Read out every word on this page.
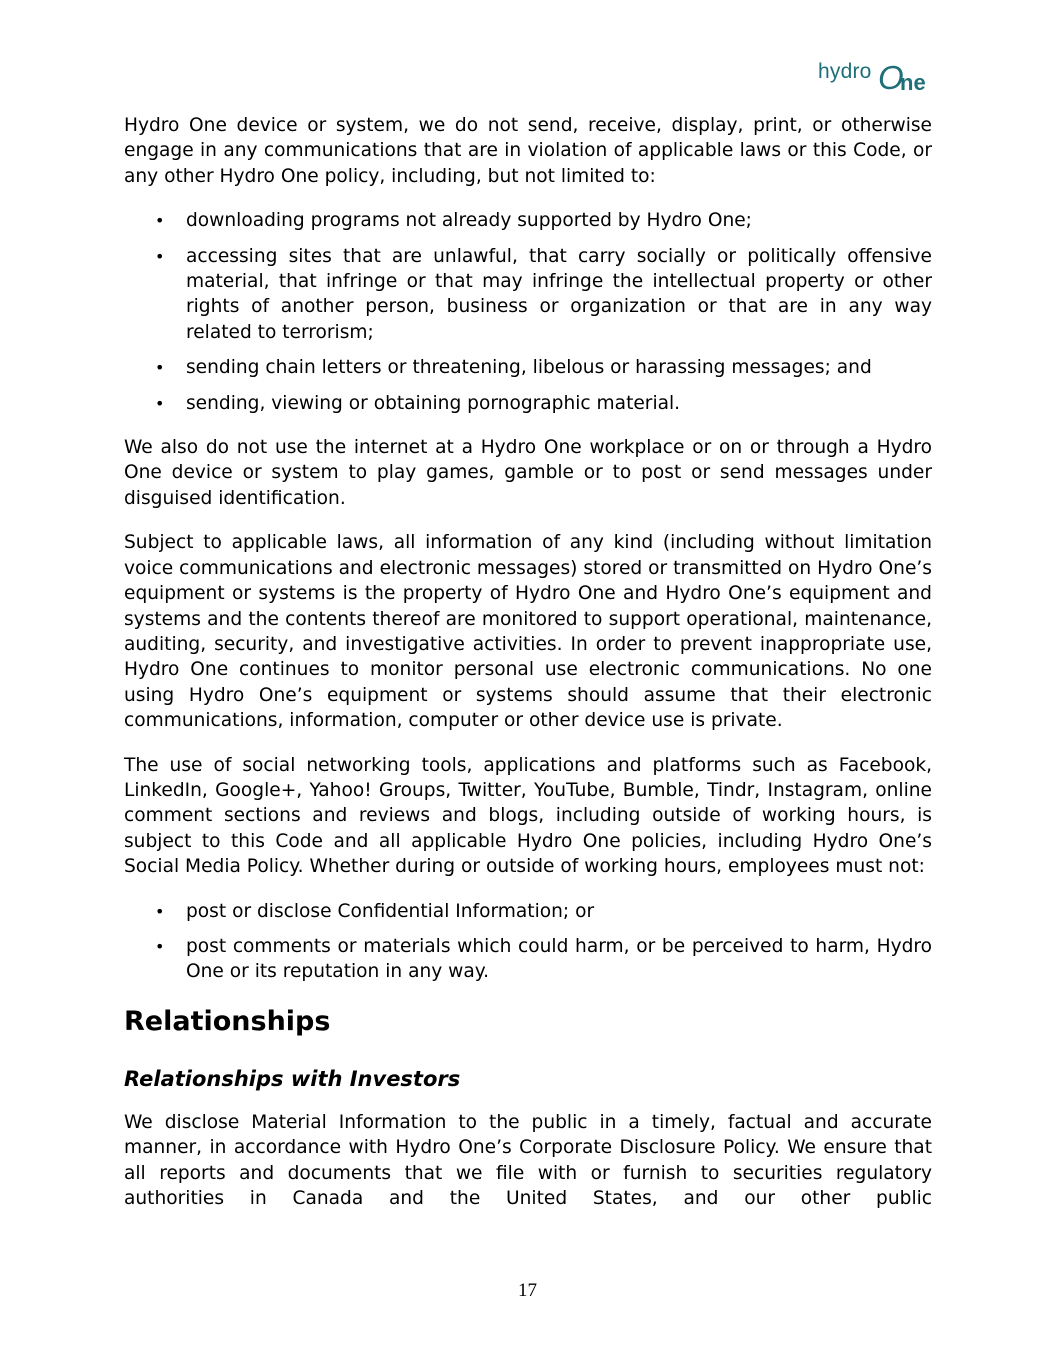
hydro O
ne

Hydro One device or system, we do not send, receive, display, print, or otherwise engage in any communications that are in violation of applicable laws or this Code, or any other Hydro One policy, including, but not limited to:

• downloading programs not already supported by Hydro One;
• accessing sites that are unlawful, that carry socially or politically offensive material, that infringe or that may infringe the intellectual property or other rights of another person, business or organization or that are in any way related to terrorism;
• sending chain letters or threatening, libelous or harassing messages; and
• sending, viewing or obtaining pornographic material.

We also do not use the internet at a Hydro One workplace or on or through a Hydro One device or system to play games, gamble or to post or send messages under disguised identification.

Subject to applicable laws, all information of any kind (including without limitation voice communications and electronic messages) stored or transmitted on Hydro One’s equipment or systems is the property of Hydro One and Hydro One’s equipment and systems and the contents thereof are monitored to support operational, maintenance, auditing, security, and investigative activities. In order to prevent inappropriate use, Hydro One continues to monitor personal use electronic communications. No one using Hydro One’s equipment or systems should assume that their electronic communications, information, computer or other device use is private.

The use of social networking tools, applications and platforms such as Facebook, LinkedIn, Google+, Yahoo! Groups, Twitter, YouTube, Bumble, Tindr, Instagram, online comment sections and reviews and blogs, including outside of working hours, is subject to this Code and all applicable Hydro One policies, including Hydro One’s Social Media Policy. Whether during or outside of working hours, employees must not:

• post or disclose Confidential Information; or
• post comments or materials which could harm, or be perceived to harm, Hydro One or its reputation in any way.
Relationships
Relationships with Investors

We disclose Material Information to the public in a timely, factual and accurate manner, in accordance with Hydro One’s Corporate Disclosure Policy. We ensure that all reports and documents that we file with or furnish to securities regulatory authorities in Canada and the United States, and our other public

17
